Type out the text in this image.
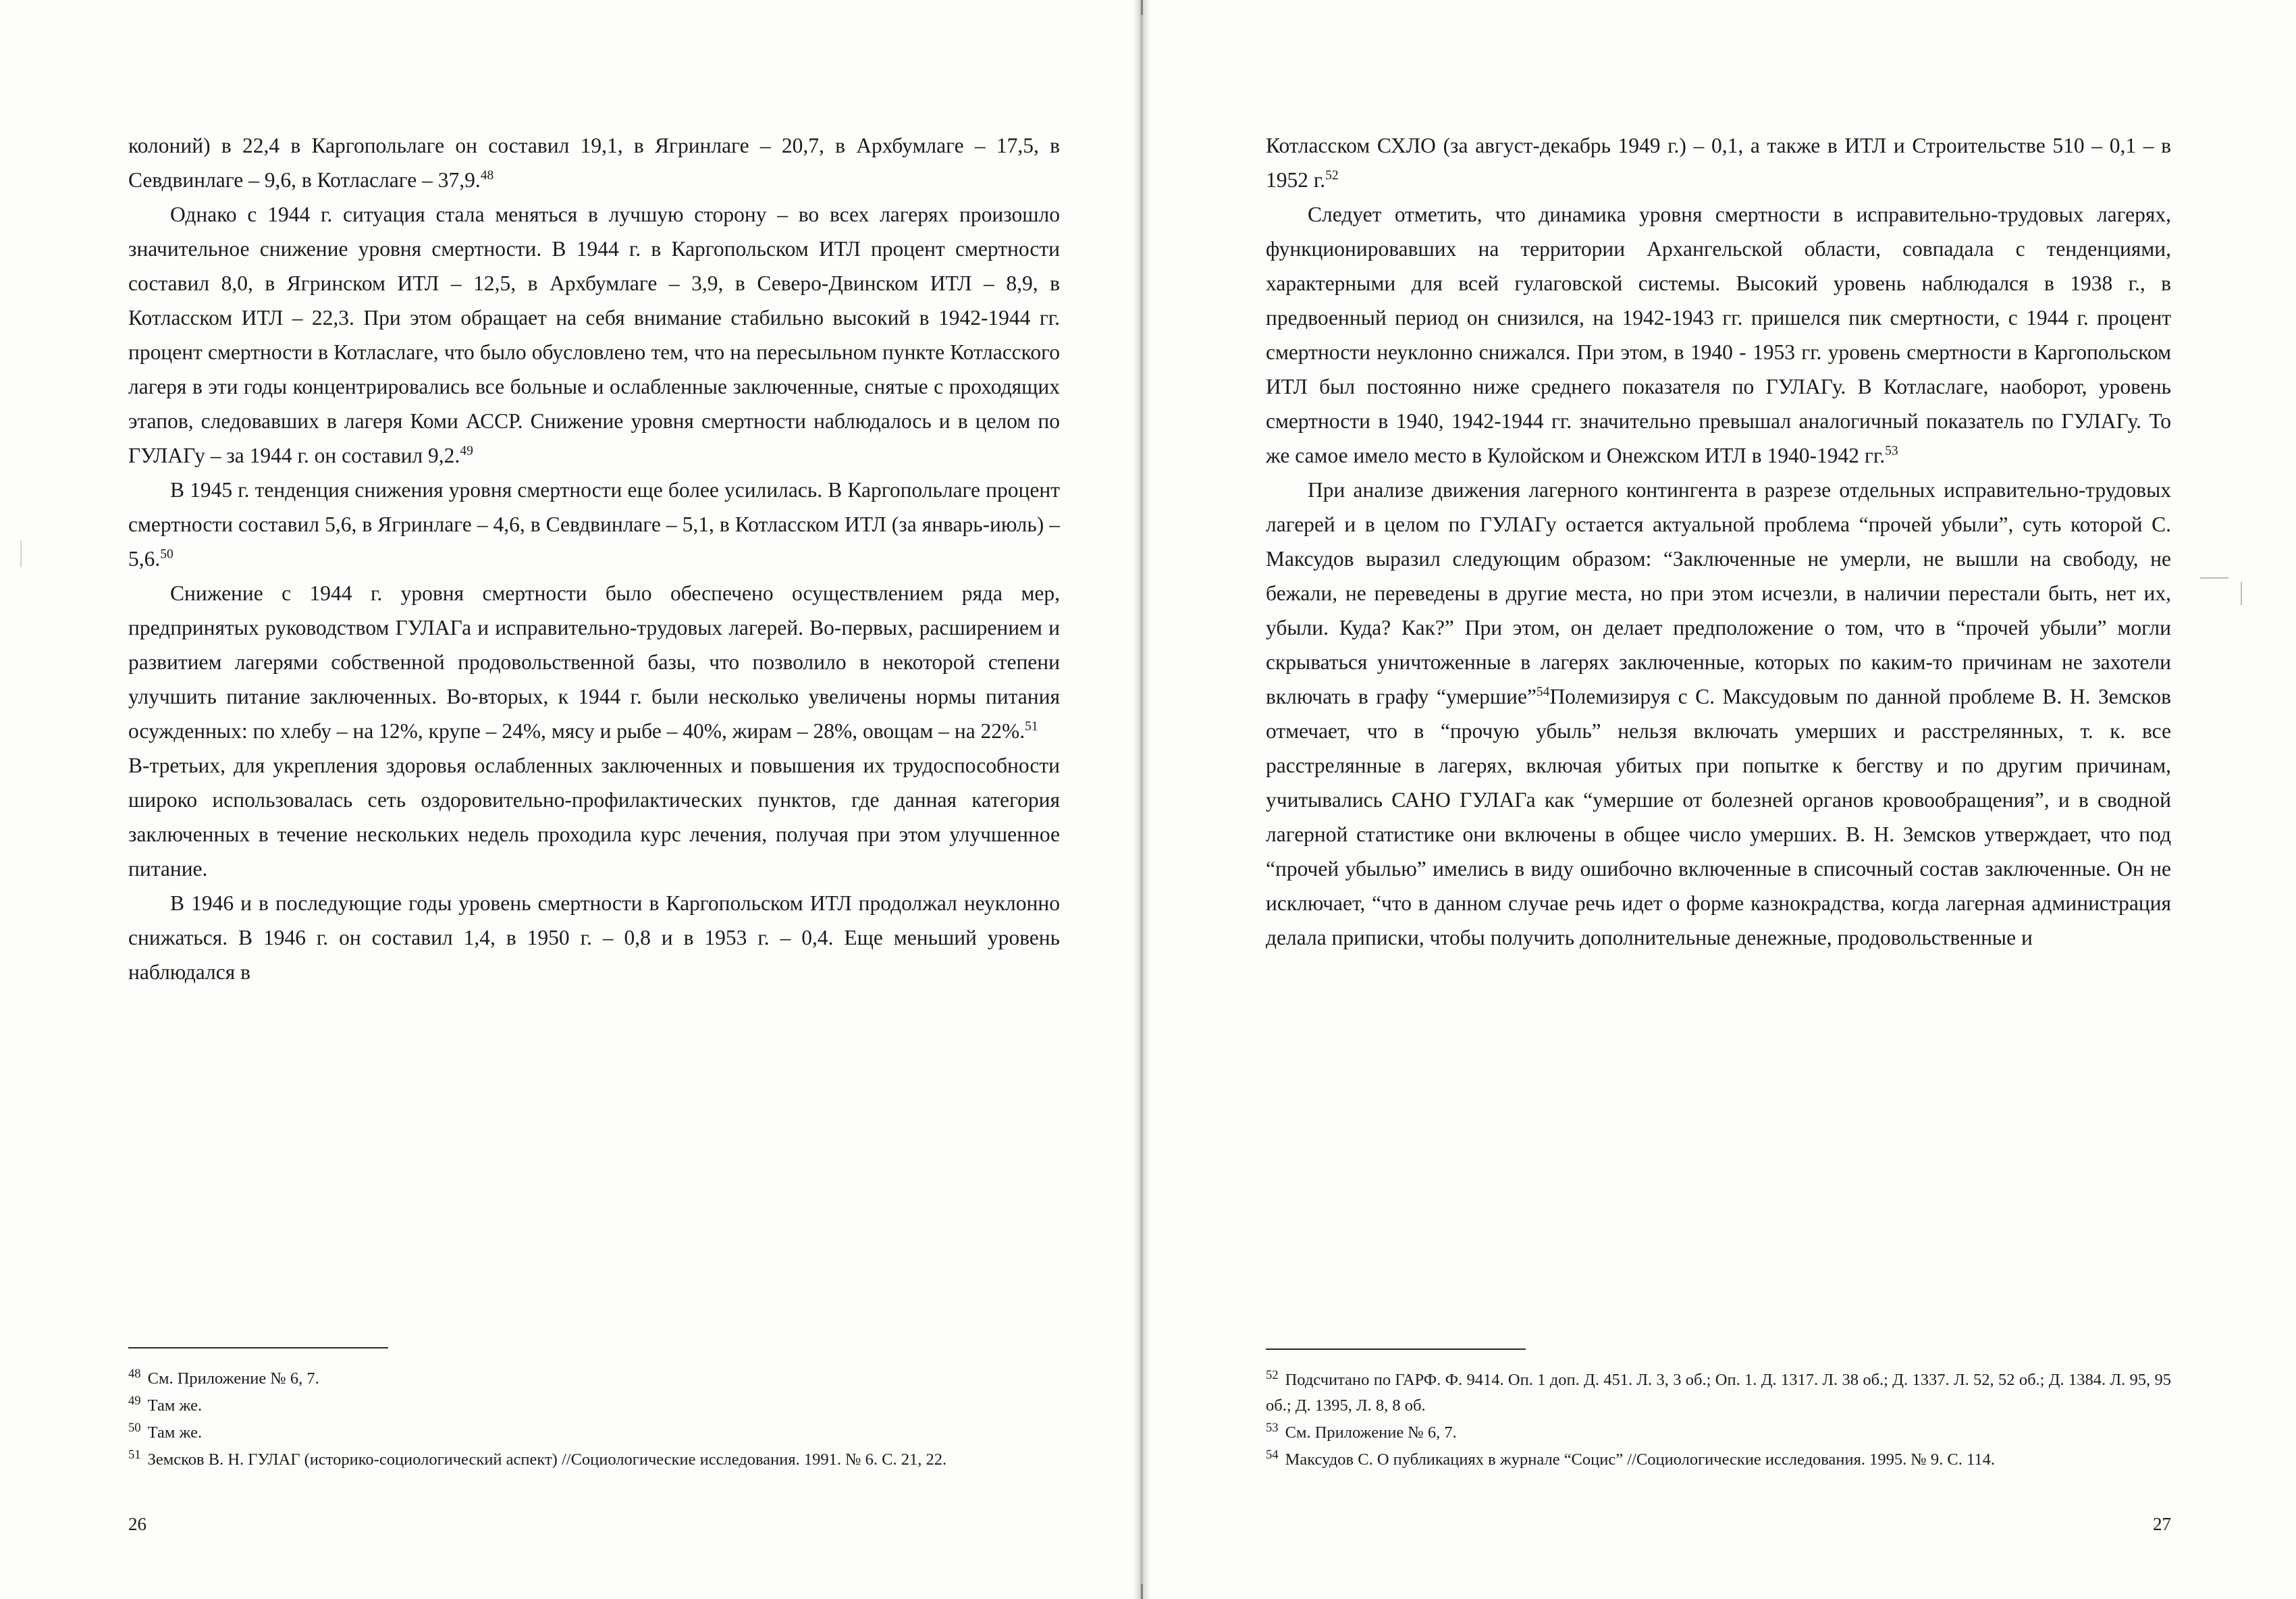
колоний) в 22,4 в Каргопольлаге он составил 19,1, в Ягринлаге – 20,7, в Архбумлаге – 17,5, в Севдвинлаге – 9,6, в Котласлаге – 37,9.48

Однако с 1944 г. ситуация стала меняться в лучшую сторону – во всех лагерях произошло значительное снижение уровня смертности. В 1944 г. в Каргопольском ИТЛ процент смертности составил 8,0, в Ягринском ИТЛ – 12,5, в Архбумлаге – 3,9, в Северо-Двинском ИТЛ – 8,9, в Котласском ИТЛ – 22,3. При этом обращает на себя внимание стабильно высокий в 1942-1944 гг. процент смертности в Котласлаге, что было обусловлено тем, что на пересыльном пункте Котласского лагеря в эти годы концентрировались все больные и ослабленные заключенные, снятые с проходящих этапов, следовавших в лагеря Коми АССР. Снижение уровня смертности наблюдалось и в целом по ГУЛАГу – за 1944 г. он составил 9,2.49

В 1945 г. тенденция снижения уровня смертности еще более усилилась. В Каргопольлаге процент смертности составил 5,6, в Ягринлаге – 4,6, в Севдвинлаге – 5,1, в Котласском ИТЛ (за январь-июль) – 5,6.50

Снижение с 1944 г. уровня смертности было обеспечено осуществлением ряда мер, предпринятых руководством ГУЛАГа и исправительно-трудовых лагерей. Во-первых, расширением и развитием лагерями собственной продовольственной базы, что позволило в некоторой степени улучшить питание заключенных. Во-вторых, к 1944 г. были несколько увеличены нормы питания осужденных: по хлебу – на 12%, крупе – 24%, мясу и рыбе – 40%, жирам – 28%, овощам – на 22%.$^{51}$

В-третьих, для укрепления здоровья ослабленных заключенных и повышения их трудоспособности широко использовалась сеть оздоровительно-профилактических пунктов, где данная категория заключенных в течение нескольких недель проходила курс лечения, получая при этом улучшенное питание.

В 1946 и в последующие годы уровень смертности в Каргопольском ИТЛ продолжал неуклонно снижаться. В 1946 г. он составил 1,4, в 1950 г. – 0,8 и в 1953 г. – 0,4. Еще меньший уровень наблюдался в

$^{48}$ См. Приложение № 6, 7.

$^{49}$ Там же.

$^{50}$ Там же.

$^{51}$ Земсков В. Н. ГУЛАГ (историко-социологический аспект) //Социологические исследования. 1991. № 6. С. 21, 22.

26

Котласском СХЛО (за август-декабрь 1949 г.) – 0,1, а также в ИТЛ и Строительстве 510 – 0,1 – в 1952 г.$^{52}$

Следует отметить, что динамика уровня смертности в исправительно-трудовых лагерях, функционировавших на территории Архангельской области, совпадала с тенденциями, характерными для всей гулаговской системы. Высокий уровень наблюдался в 1938 г., в предвоенный период он снизился, на 1942-1943 гг. пришелся пик смертности, с 1944 г. процент смертности неуклонно снижался. При этом, в 1940 - 1953 гг. уровень смертности в Каргопольском ИТЛ был постоянно ниже среднего показателя по ГУЛАГу. В Котласлаге, наоборот, уровень смертности в 1940, 1942-1944 гг. значительно превышал аналогичный показатель по ГУЛАГу. То же самое имело место в Кулойском и Онежском ИТЛ в 1940-1942 гг.$^{53}$

При анализе движения лагерного контингента в разрезе отдельных исправительно-трудовых лагерей и в целом по ГУЛАГу остается актуальной проблема “прочей убыли”, суть которой С. Максудов выразил следующим образом: “Заключенные не умерли, не вышли на свободу, не бежали, не переведены в другие места, но при этом исчезли, в наличии перестали быть, нет их, убыли. Куда? Как?” При этом, он делает предположение о том, что в “прочей убыли” могли скрываться уничтоженные в лагерях заключенные, которых по каким-то причинам не захотели включать в графу “умершие”$^{54}$Полемизируя с С. Максудовым по данной проблеме В. Н. Земсков отмечает, что в “прочую убыль” нельзя включать умерших и расстрелянных, т. к. все расстрелянные в лагерях, включая убитых при попытке к бегству и по другим причинам, учитывались САНО ГУЛАГа как “умершие от болезней органов кровообращения”, и в сводной лагерной статистике они включены в общее число умерших. В. Н. Земсков утверждает, что под “прочей убылью” имелись в виду ошибочно включенные в списочный состав заключенные. Он не исключает, “что в данном случае речь идет о форме казнокрадства, когда лагерная администрация делала приписки, чтобы получить дополнительные денежные, продовольственные и

$^{52}$ Подсчитано по ГАРФ. Ф. 9414. Оп. 1 доп. Д. 451. Л. 3, 3 об.; Оп. 1. Д. 1317. Л. 38 об.; Д. 1337. Л. 52, 52 об.; Д. 1384. Л. 95, 95 об.; Д. 1395, Л. 8, 8 об.

$^{53}$ См. Приложение № 6, 7.

$^{54}$ Максудов С. О публикациях в журнале “Социс” //Социологические исследования. 1995. № 9. С. 114.

27
